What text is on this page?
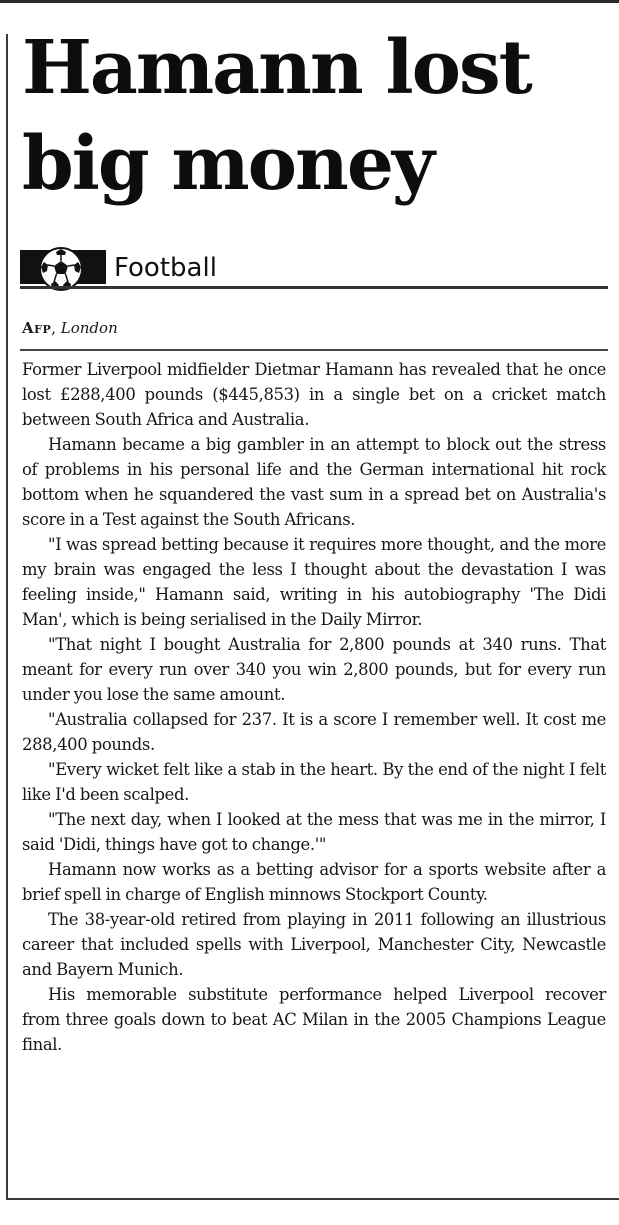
Hamann lost big money
Football
Afp, London

Former Liverpool midfielder Dietmar Hamann has revealed that he once lost £288,400 pounds ($445,853) in a single bet on a cricket match between South Africa and Australia.

Hamann became a big gambler in an attempt to block out the stress of problems in his personal life and the German international hit rock bottom when he squandered the vast sum in a spread bet on Australia's score in a Test against the South Africans.

"I was spread betting because it requires more thought, and the more my brain was engaged the less I thought about the devastation I was feeling inside," Hamann said, writing in his autobiography 'The Didi Man', which is being serialised in the Daily Mirror.

"That night I bought Australia for 2,800 pounds at 340 runs. That meant for every run over 340 you win 2,800 pounds, but for every run under you lose the same amount.

"Australia collapsed for 237. It is a score I remember well. It cost me 288,400 pounds.

"Every wicket felt like a stab in the heart. By the end of the night I felt like I'd been scalped.

"The next day, when I looked at the mess that was me in the mirror, I said 'Didi, things have got to change.'"

Hamann now works as a betting advisor for a sports website after a brief spell in charge of English minnows Stockport County.

The 38-year-old retired from playing in 2011 following an illustrious career that included spells with Liverpool, Manchester City, Newcastle and Bayern Munich.

His memorable substitute performance helped Liverpool recover from three goals down to beat AC Milan in the 2005 Champions League final.
